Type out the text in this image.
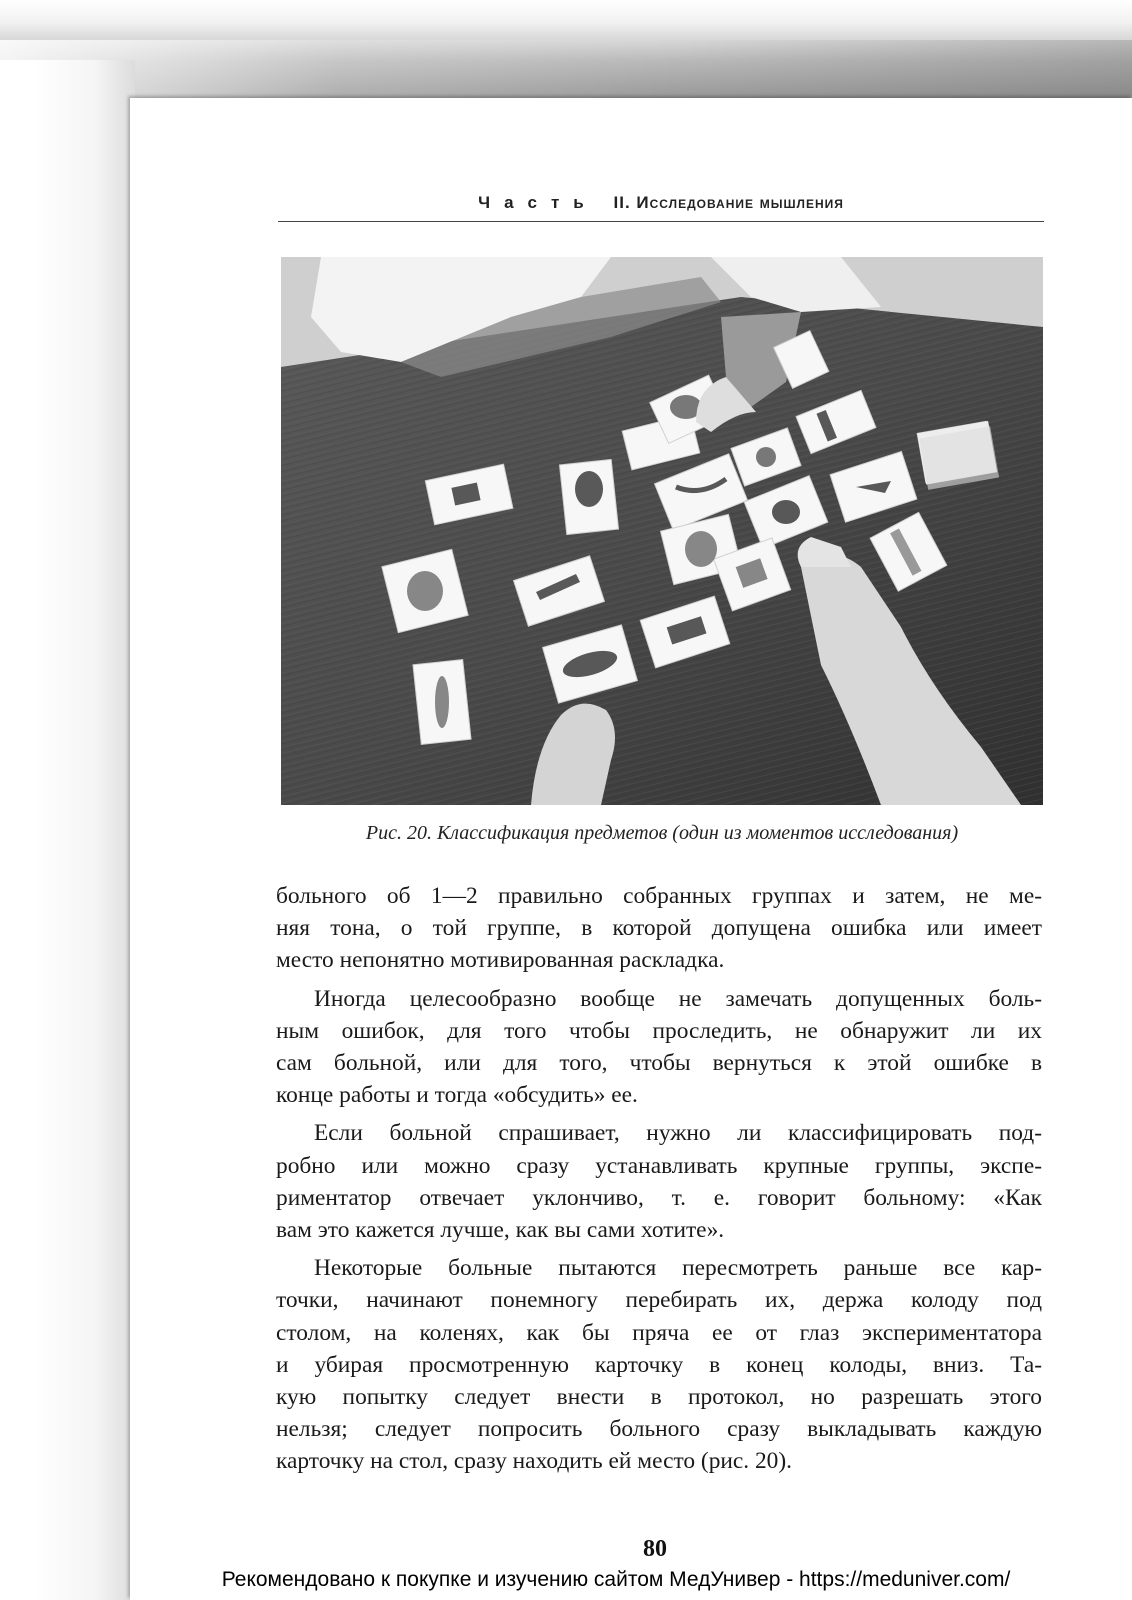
Часть II. Исследование мышления
Рис. 20. Классификация предметов (один из моментов исследования)

больного об 1—2 правильно собранных группах и затем, не ме-
няя тона, о той группе, в которой допущена ошибка или имеет
место непонятно мотивированная раскладка.

Иногда целесообразно вообще не замечать допущенных боль-
ным ошибок, для того чтобы проследить, не обнаружит ли их
сам больной, или для того, чтобы вернуться к этой ошибке в
конце работы и тогда «обсудить» ее.

Если больной спрашивает, нужно ли классифицировать под-
робно или можно сразу устанавливать крупные группы, экспе-
риментатор отвечает уклончиво, т. е. говорит больному: «Как
вам это кажется лучше, как вы сами хотите».

Некоторые больные пытаются пересмотреть раньше все кар-
точки, начинают понемногу перебирать их, держа колоду под
столом, на коленях, как бы пряча ее от глаз экспериментатора
и убирая просмотренную карточку в конец колоды, вниз. Та-
кую попытку следует внести в протокол, но разрешать этого
нельзя; следует попросить больного сразу выкладывать каждую
карточку на стол, сразу находить ей место (рис. 20).

80
Рекомендовано к покупке и изучению сайтом МедУнивер - https://meduniver.com/
